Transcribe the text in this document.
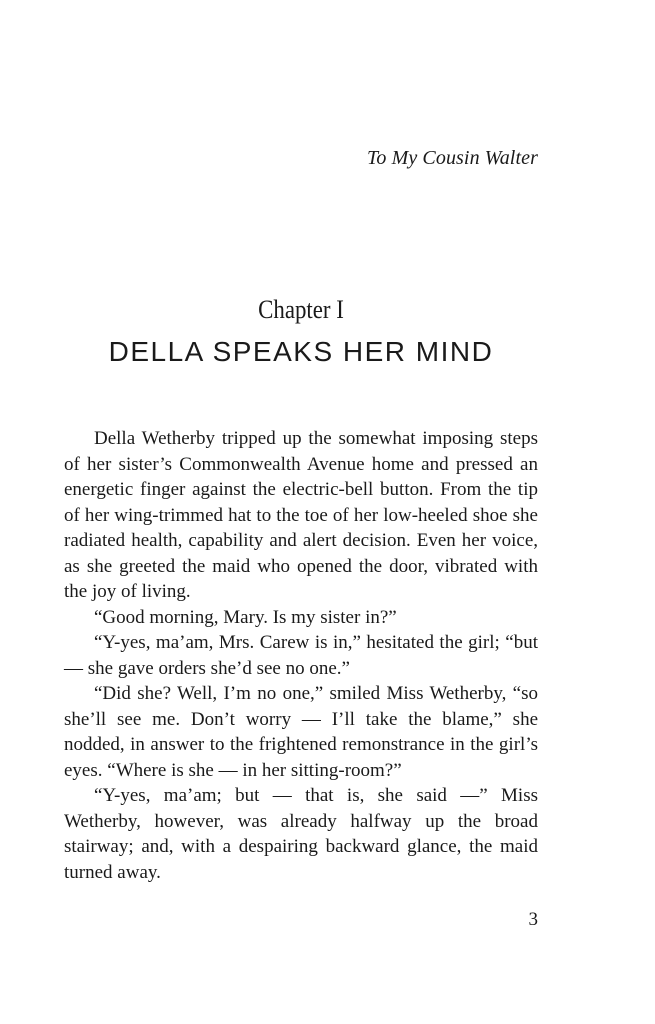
To My Cousin Walter
Chapter I
DELLA SPEAKS HER MIND

Della Wetherby tripped up the somewhat imposing steps of her sister’s Commonwealth Avenue home and pressed an energetic finger against the electric-bell button. From the tip of her wing-trimmed hat to the toe of her low-heeled shoe she radiated health, capability and alert decision. Even her voice, as she greeted the maid who opened the door, vibrated with the joy of living.

“Good morning, Mary. Is my sister in?”

“Y-yes, ma’am, Mrs. Carew is in,” hesitated the girl; “but — she gave orders she’d see no one.”

“Did she? Well, I’m no one,” smiled Miss Wetherby, “so she’ll see me. Don’t worry — I’ll take the blame,” she nodded, in answer to the frightened remonstrance in the girl’s eyes. “Where is she — in her sitting-room?”

“Y-yes, ma’am; but — that is, she said —” Miss Wetherby, however, was already halfway up the broad stairway; and, with a despairing backward glance, the maid turned away.

3
